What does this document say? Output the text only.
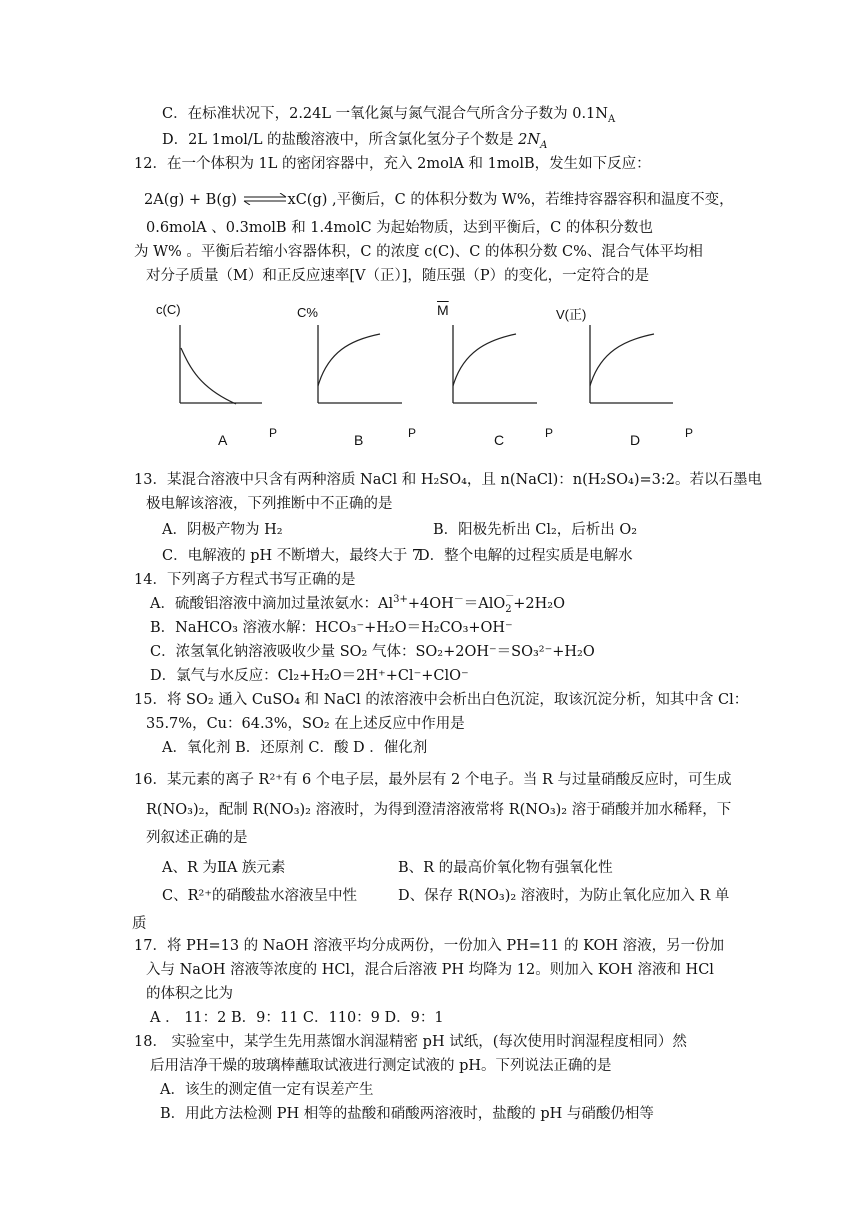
C．在标准状况下，2.24L 一氧化氮与氮气混合气所含分子数为 $0.1N_A$
D．2L 1mol/L 的盐酸溶液中，所含氯化氢分子个数是 $2N_A$
12．在一个体积为 1L 的密闭容器中，充入 2molA 和 1molB，发生如下反应：
2A(g) + B(g) ⇌xC(g) ,平衡后，C 的体积分数为 W%，若维持容器容积和温度不变，
0.6molA 、0.3molB 和 1.4molC 为起始物质，达到平衡后，C 的体积分数也
为 W% 。平衡后若缩小容器体积，C 的浓度 c(C)、C 的体积分数 C%、混合气体平均相
对分子质量（M）和正反应速率[V（正）]，随压强（P）的变化，一定符合的是
c(C)
P
A
C%
P
B
$\overline{M}$
P
C
V(正)
P
D
13．某混合溶液中只含有两种溶质 NaCl 和 H₂SO₄，且 n(NaCl)：n(H₂SO₄)=3:2。若以石墨电
极电解该溶液，下列推断中不正确的是
A．阴极产物为 H₂	B．阳极先析出 Cl₂，后析出 O₂
C．电解液的 pH 不断增大，最终大于 7
D．整个电解的过程实质是电解水
14．下列离子方程式书写正确的是
A．硫酸铝溶液中滴加过量浓氨水：$Al^{3+}+4OH^-=AlO$ －
2 +2H₂O
B．NaHCO₃ 溶液水解：HCO₃⁻+H₂O＝H₂CO₃+OH⁻
C．浓氢氧化钠溶液吸收少量 SO₂ 气体：SO₂+2OH⁻＝SO₃²⁻+H₂O
D．氯气与水反应：Cl₂+H₂O＝2H⁺+Cl⁻+ClO⁻
15．将 SO₂ 通入 CuSO₄ 和 NaCl 的浓溶液中会析出白色沉淀，取该沉淀分析，知其中含 Cl：
35.7%，Cu：64.3%，SO₂ 在上述反应中作用是
A．氧化剂 B．还原剂 C．酸 D ．催化剂
16．某元素的离子 R²⁺有 6 个电子层，最外层有 2 个电子。当 R 与过量硝酸反应时，可生成
R(NO₃)₂，配制 R(NO₃)₂ 溶液时，为得到澄清溶液常将 R(NO₃)₂ 溶于硝酸并加水稀释，下
列叙述正确的是
A、R 为ⅡA 族元素	B、R 的最高价氧化物有强氧化性
C、R²⁺的硝酸盐水溶液呈中性	D、保存 R(NO₃)₂ 溶液时，为防止氧化应加入 R 单
质
17．将 PH=13 的 NaOH 溶液平均分成两份，一份加入 PH=11 的 KOH 溶液，另一份加
入与 NaOH 溶液等浓度的 HCl，混合后溶液 PH 均降为 12。则加入 KOH 溶液和 HCl
的体积之比为
A ． 11：2 B．9：11 C．110：9 D．9：1
18． 实验室中，某学生先用蒸馏水润湿精密 pH 试纸，(每次使用时润湿程度相同）然
后用洁净干燥的玻璃棒蘸取试液进行测定试液的 pH。下列说法正确的是
A．该生的测定值一定有误差产生
B．用此方法检测 PH 相等的盐酸和硝酸两溶液时，盐酸的 pH 与硝酸仍相等
